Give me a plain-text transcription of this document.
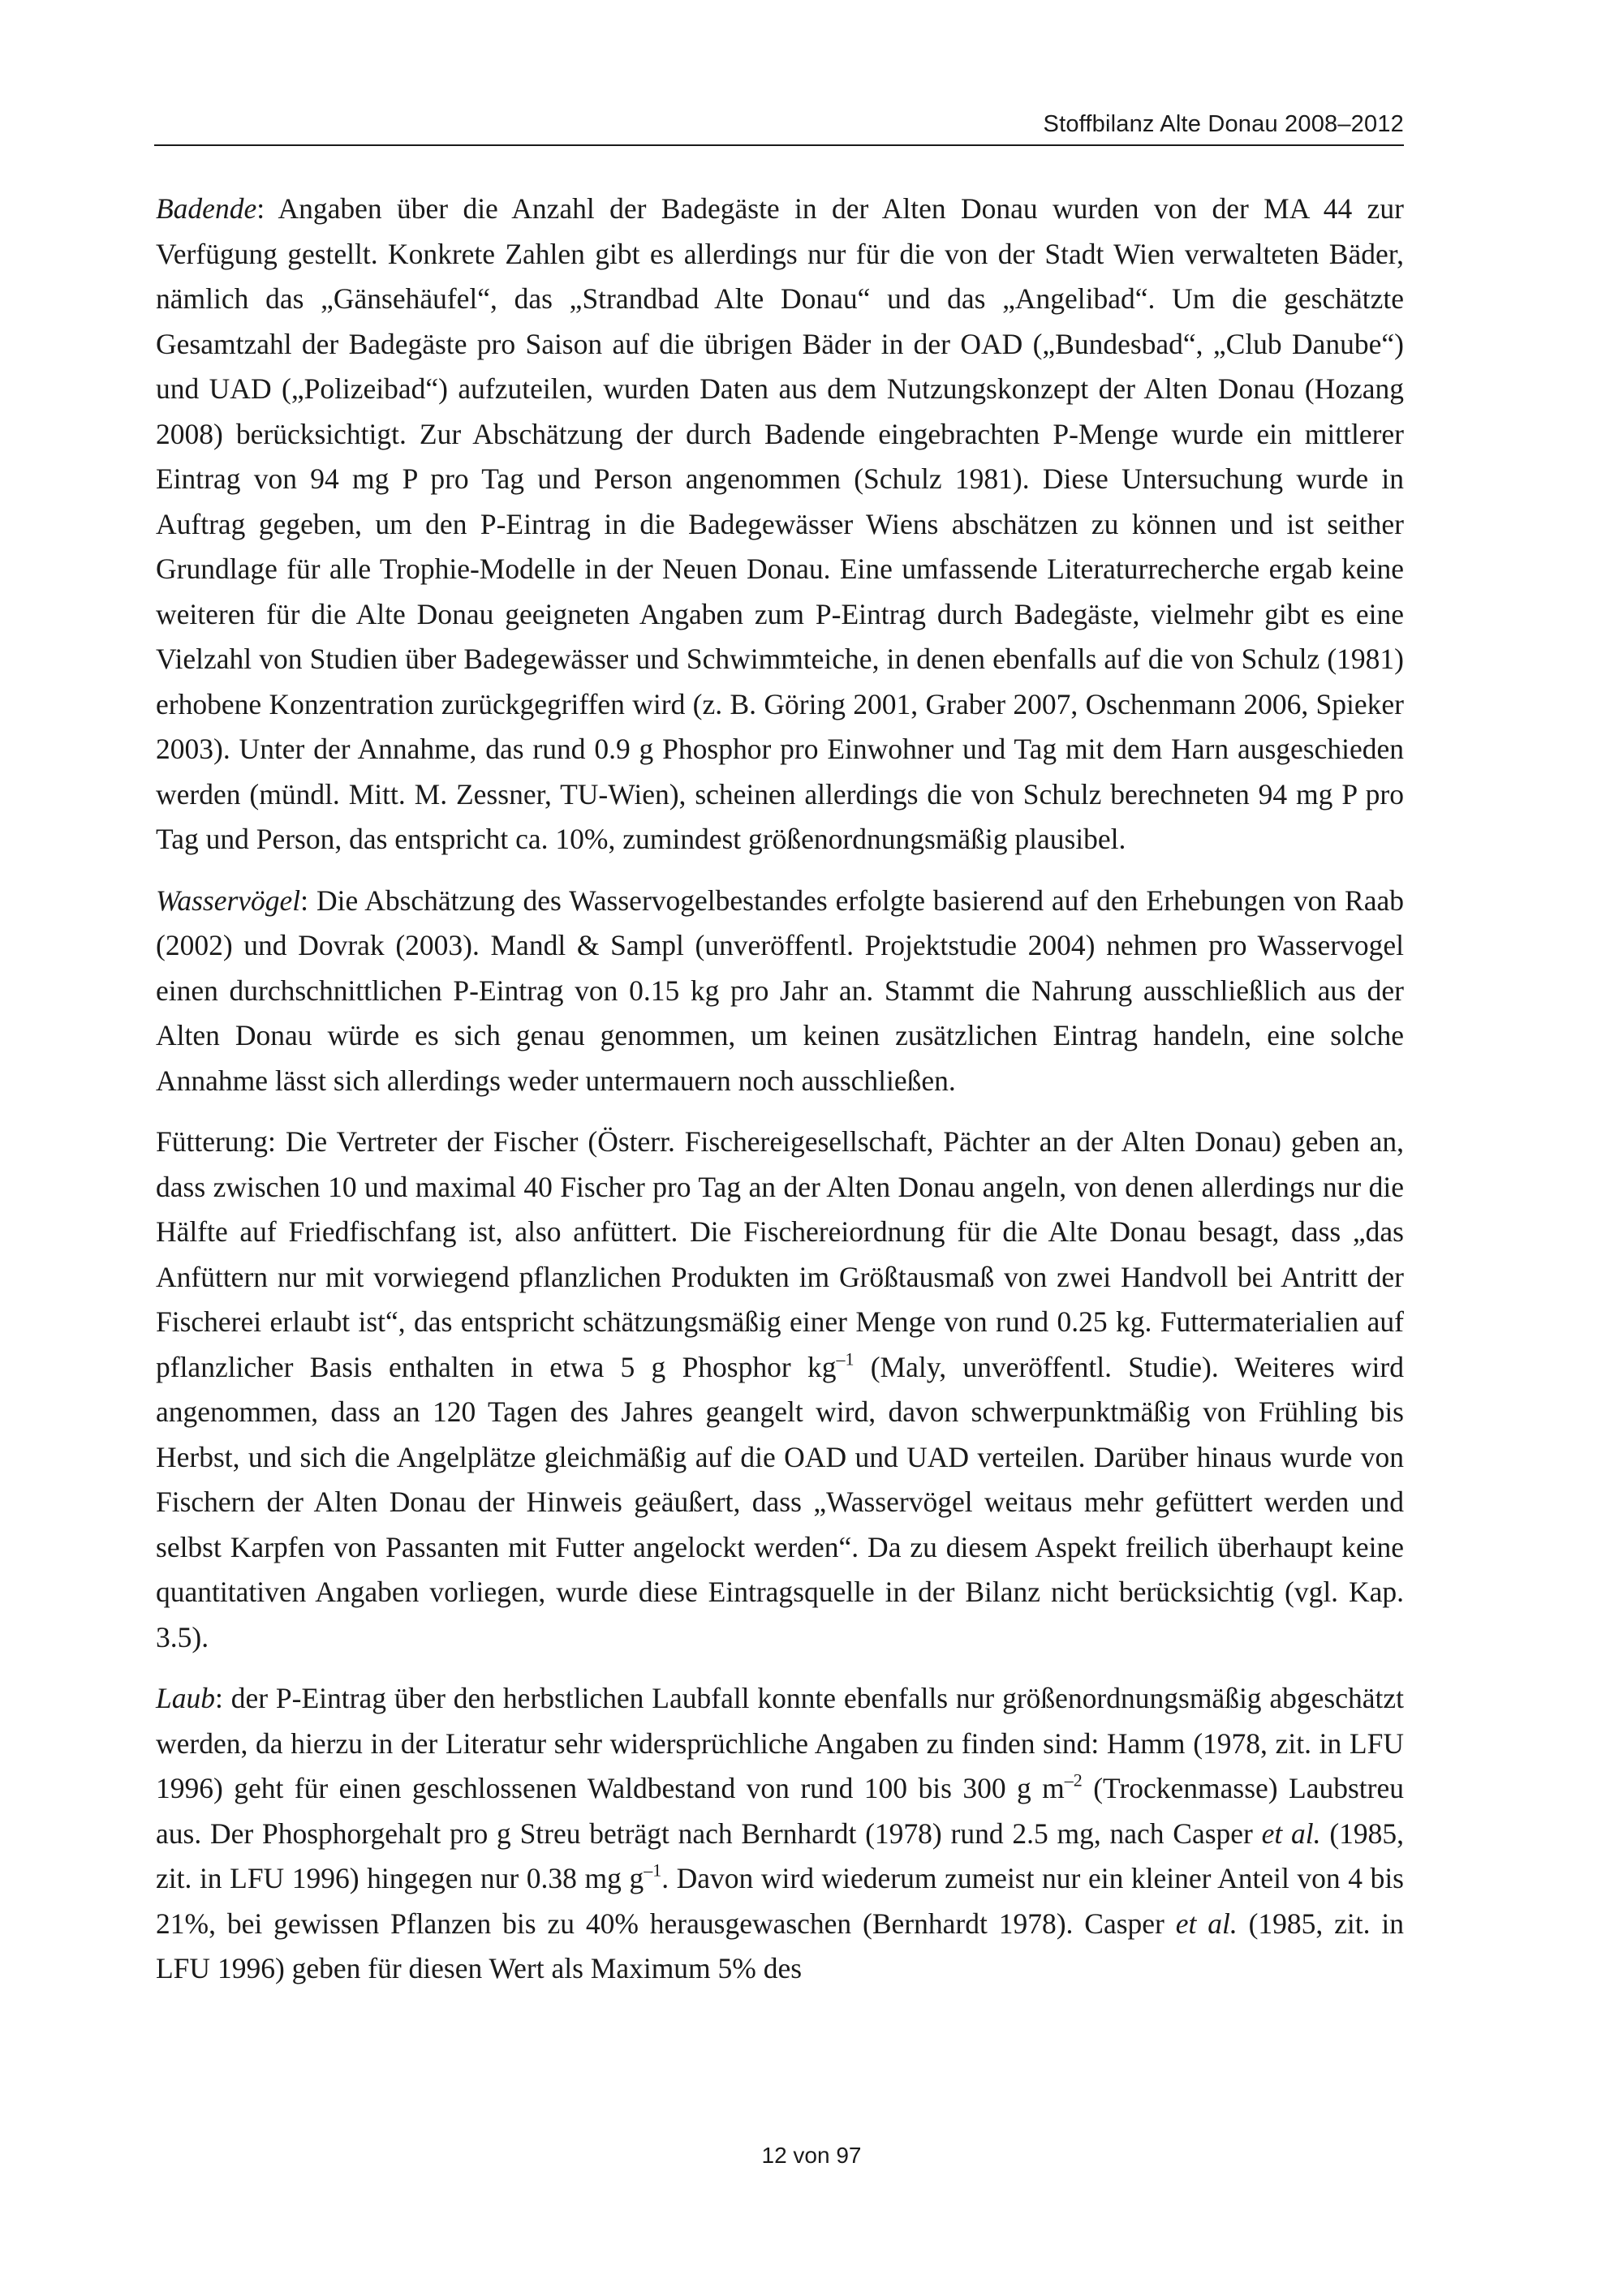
Stoffbilanz Alte Donau 2008–2012

Badende: Angaben über die Anzahl der Badegäste in der Alten Donau wurden von der MA 44 zur Verfügung gestellt. Konkrete Zahlen gibt es allerdings nur für die von der Stadt Wien verwalteten Bäder, nämlich das „Gänsehäufel“, das „Strandbad Alte Donau“ und das „Angelibad“. Um die geschätzte Gesamtzahl der Badegäste pro Saison auf die übrigen Bäder in der OAD („Bundesbad“, „Club Danube“) und UAD („Polizeibad“) aufzuteilen, wurden Daten aus dem Nutzungskonzept der Alten Donau (Hozang 2008) berücksichtigt. Zur Abschätzung der durch Badende eingebrachten P-Menge wurde ein mittlerer Eintrag von 94 mg P pro Tag und Person angenommen (Schulz 1981). Diese Untersuchung wurde in Auftrag gegeben, um den P-Eintrag in die Badegewässer Wiens abschätzen zu können und ist seither Grundlage für alle Trophie-Modelle in der Neuen Donau. Eine umfassende Literaturrecherche ergab keine weiteren für die Alte Donau geeigneten Angaben zum P-Eintrag durch Badegäste, vielmehr gibt es eine Vielzahl von Studien über Badegewässer und Schwimmteiche, in denen ebenfalls auf die von Schulz (1981) erhobene Konzentration zurückgegriffen wird (z. B. Göring 2001, Graber 2007, Oschenmann 2006, Spieker 2003). Unter der Annahme, das rund 0.9 g Phosphor pro Einwohner und Tag mit dem Harn ausgeschieden werden (mündl. Mitt. M. Zessner, TU-Wien), scheinen allerdings die von Schulz berechneten 94 mg P pro Tag und Person, das entspricht ca. 10%, zumindest größenordnungsmäßig plausibel.

Wasservögel: Die Abschätzung des Wasservogelbestandes erfolgte basierend auf den Erhebungen von Raab (2002) und Dovrak (2003). Mandl & Sampl (unveröffentl. Projektstudie 2004) nehmen pro Wasservogel einen durchschnittlichen P-Eintrag von 0.15 kg pro Jahr an. Stammt die Nahrung ausschließlich aus der Alten Donau würde es sich genau genommen, um keinen zusätzlichen Eintrag handeln, eine solche Annahme lässt sich allerdings weder untermauern noch ausschließen.

Fütterung: Die Vertreter der Fischer (Österr. Fischereigesellschaft, Pächter an der Alten Donau) geben an, dass zwischen 10 und maximal 40 Fischer pro Tag an der Alten Donau angeln, von denen allerdings nur die Hälfte auf Friedfischfang ist, also anfüttert. Die Fischereiordnung für die Alte Donau besagt, dass „das Anfüttern nur mit vorwiegend pflanzlichen Produkten im Größtausmaß von zwei Handvoll bei Antritt der Fischerei erlaubt ist“, das entspricht schätzungsmäßig einer Menge von rund 0.25 kg. Futtermaterialien auf pflanzlicher Basis enthalten in etwa 5 g Phosphor $kg^{-1}$ (Maly, unveröffentl. Studie). Weiteres wird angenommen, dass an 120 Tagen des Jahres geangelt wird, davon schwerpunktmäßig von Frühling bis Herbst, und sich die Angelplätze gleichmäßig auf die OAD und UAD verteilen. Darüber hinaus wurde von Fischern der Alten Donau der Hinweis geäußert, dass „Wasservögel weitaus mehr gefüttert werden und selbst Karpfen von Passanten mit Futter angelockt werden“. Da zu diesem Aspekt freilich überhaupt keine quantitativen Angaben vorliegen, wurde diese Eintragsquelle in der Bilanz nicht berücksichtig (vgl. Kap. 3.5).

Laub: der P-Eintrag über den herbstlichen Laubfall konnte ebenfalls nur größenordnungsmäßig abgeschätzt werden, da hierzu in der Literatur sehr widersprüchliche Angaben zu finden sind: Hamm (1978, zit. in LFU 1996) geht für einen geschlossenen Waldbestand von rund 100 bis 300 g $m^{-2}$ (Trockenmasse) Laubstreu aus. Der Phosphorgehalt pro g Streu beträgt nach Bernhardt (1978) rund 2.5 mg, nach Casper et al. (1985, zit. in LFU 1996) hingegen nur 0.38 mg $g^{-1}$. Davon wird wiederum zumeist nur ein kleiner Anteil von 4 bis 21%, bei gewissen Pflanzen bis zu 40% herausgewaschen (Bernhardt 1978). Casper et al. (1985, zit. in LFU 1996) geben für diesen Wert als Maximum 5% des

12 von 97
